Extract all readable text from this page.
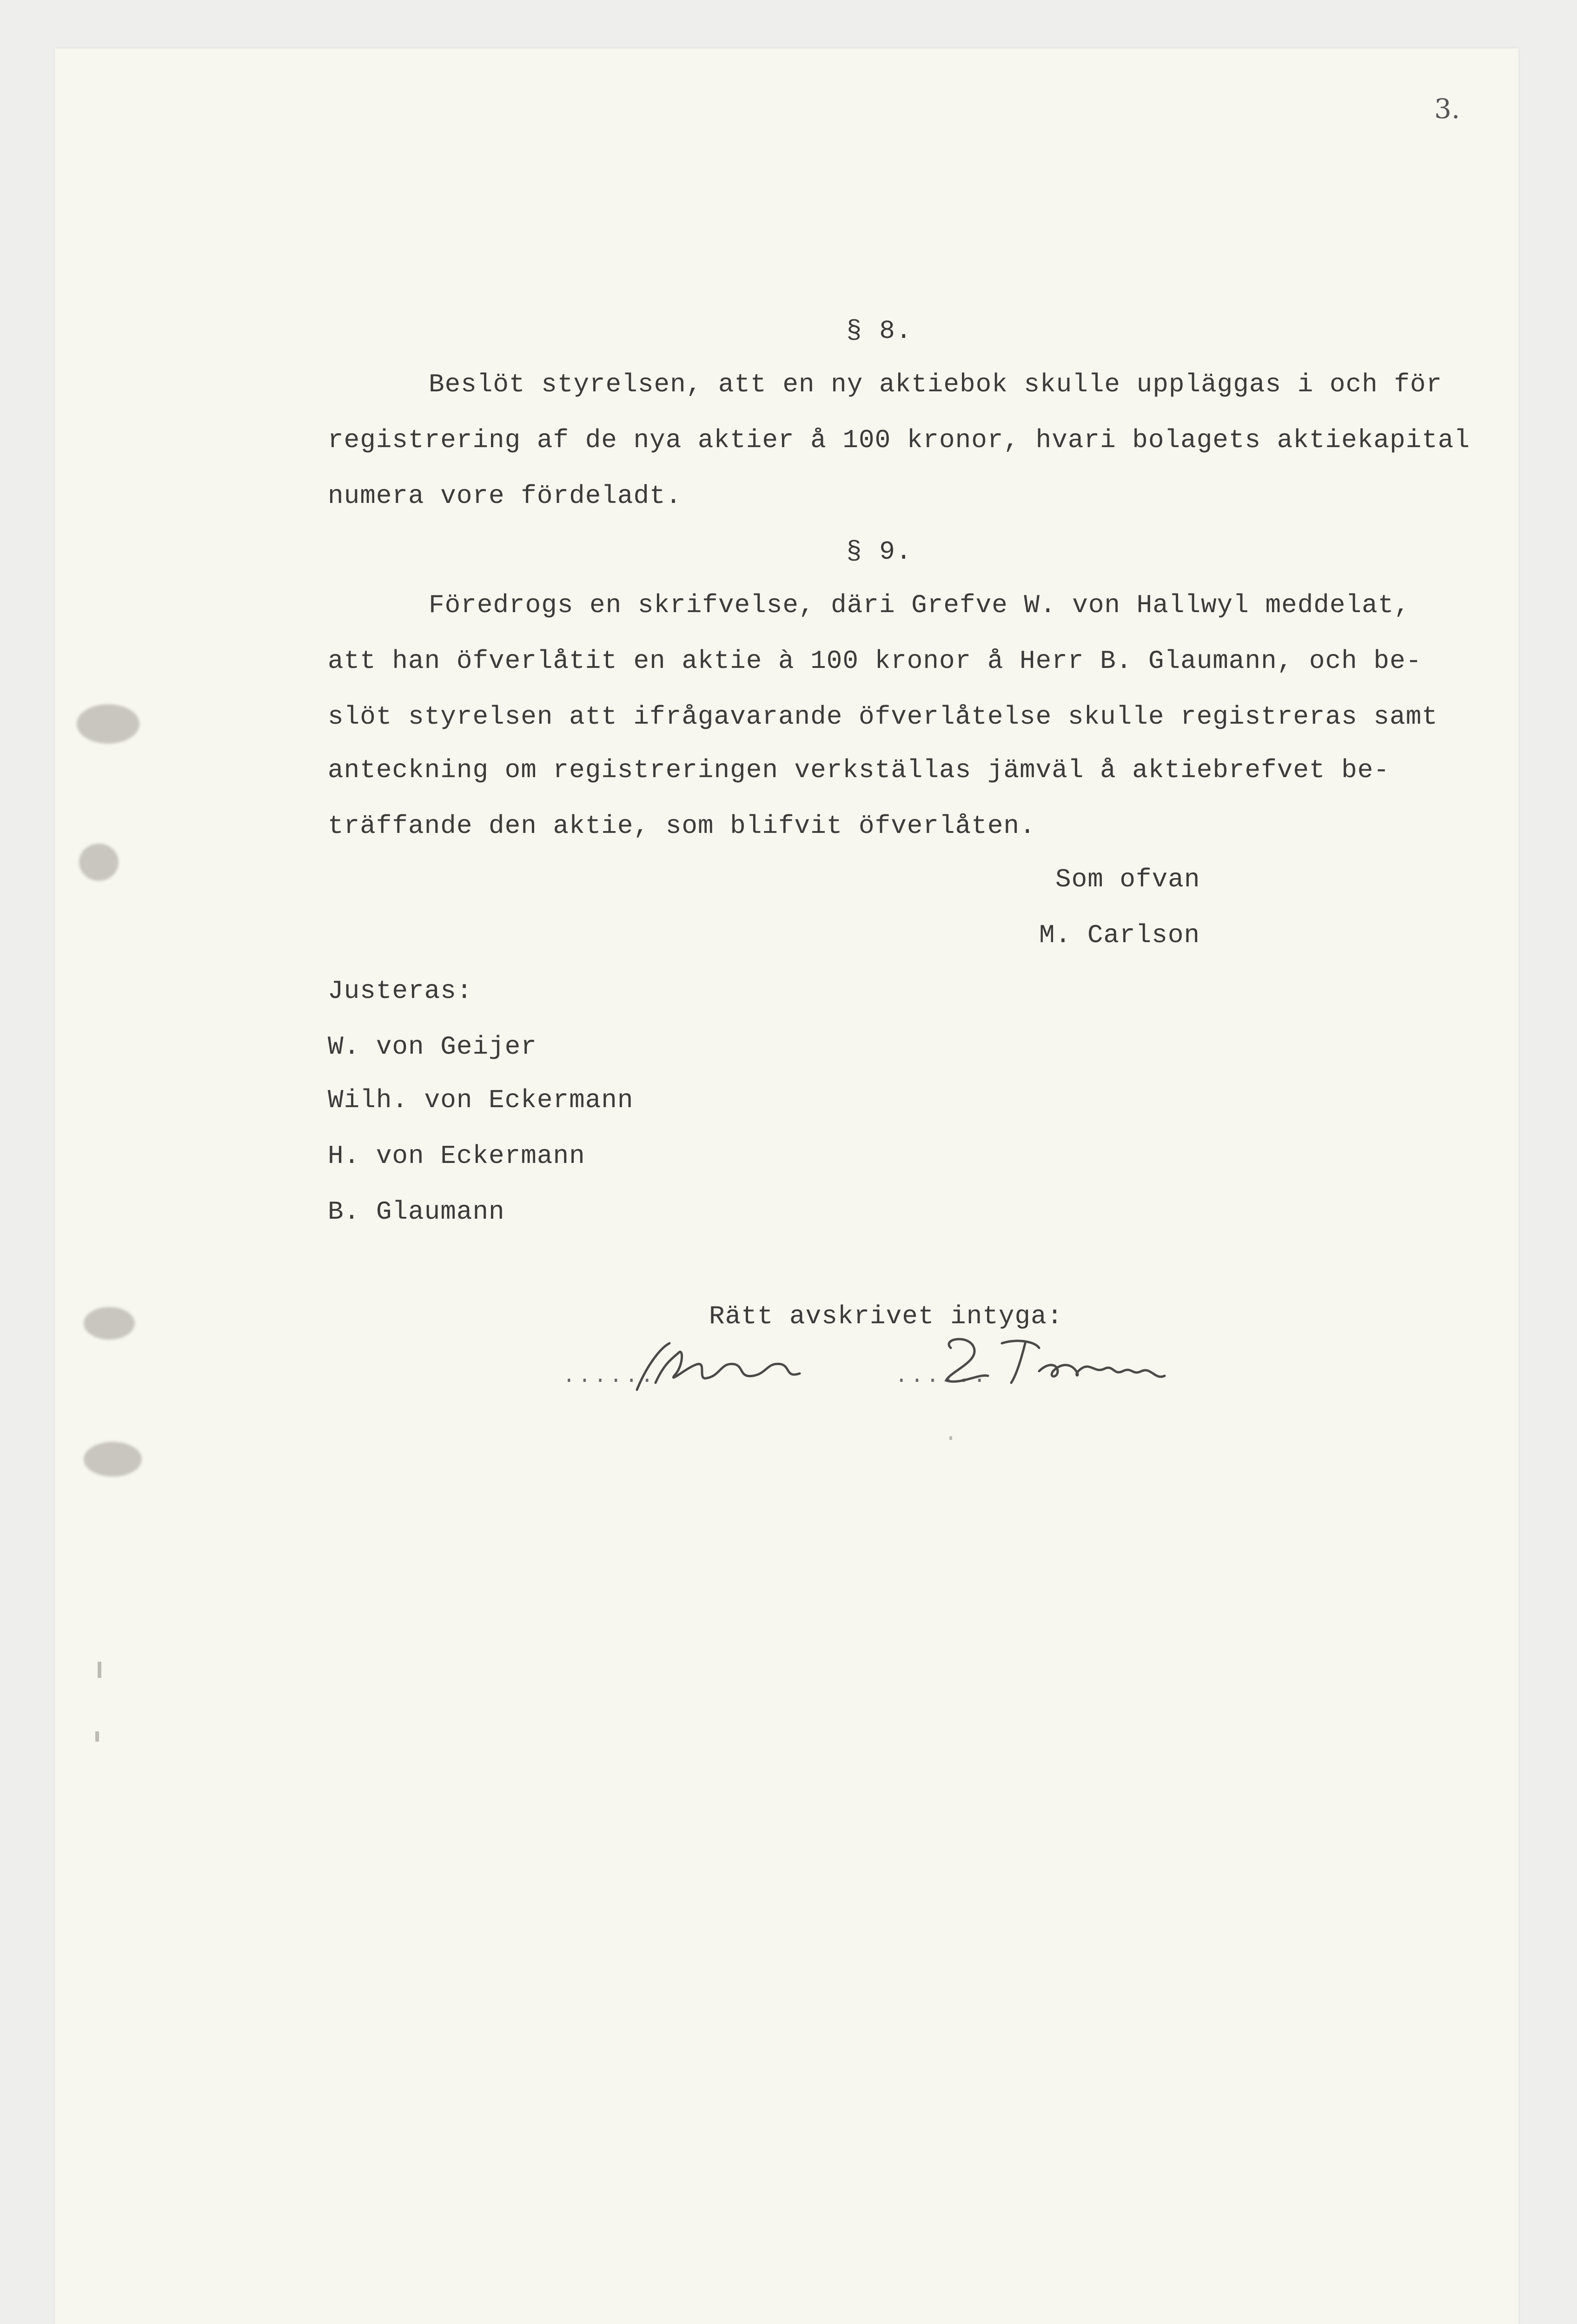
3.
§ 8.
Beslöt styrelsen, att en ny aktiebok skulle uppläggas i och för
registrering af de nya aktier å 100 kronor, hvari bolagets aktiekapital
numera vore fördeladt.
§ 9.
Föredrogs en skrifvelse, däri Grefve W. von Hallwyl meddelat,
att han öfverlåtit en aktie à 100 kronor å Herr B. Glaumann, och be-
slöt styrelsen att ifrågavarande öfverlåtelse skulle registreras samt
anteckning om registreringen verkställas jämväl å aktiebrefvet be-
träffande den aktie, som blifvit öfverlåten.
Som ofvan
M. Carlson
Justeras:
W. von Geijer
Wilh. von Eckermann
H. von Eckermann
B. Glaumann
Rätt avskrivet intyga:
......	......
